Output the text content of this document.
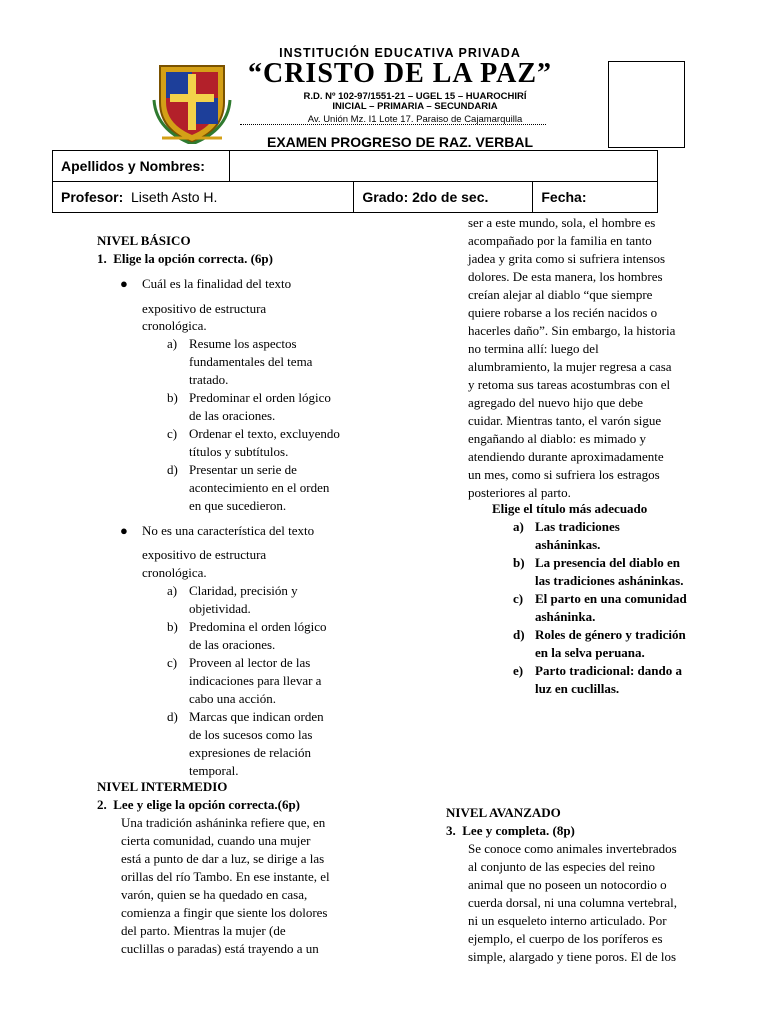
INSTITUCIÓN EDUCATIVA PRIVADA
“CRISTO DE LA PAZ”
R.D. Nº 102-97/1551-21 – UGEL 15 – HUAROCHIRÍ
INICIAL – PRIMARIA – SECUNDARIA
Av. Unión Mz. I1 Lote 17. Paraiso de Cajamarquilla
EXAMEN PROGRESO DE RAZ. VERBAL
Apellidos y Nombres:			
Profesor: Liseth Asto H.		Grado: 2do de sec.	Fecha:
NIVEL BÁSICO
1. Elige la opción correcta. (6p)
● Cuál es la finalidad del texto
expositivo de estructura
cronológica.
a) Resume los aspectos
fundamentales del tema
tratado.
b) Predominar el orden lógico
de las oraciones.
c) Ordenar el texto, excluyendo
títulos y subtítulos.
d) Presentar un serie de
acontecimiento en el orden
en que sucedieron.
● No es una característica del texto
expositivo de estructura
cronológica.
a) Claridad, precisión y
objetividad.
b) Predomina el orden lógico
de las oraciones.
c) Proveen al lector de las
indicaciones para llevar a
cabo una acción.
d) Marcas que indican orden
de los sucesos como las
expresiones de relación
temporal.
NIVEL INTERMEDIO
2. Lee y elige la opción correcta.(6p)
Una tradición asháninka refiere que, en
cierta comunidad, cuando una mujer
está a punto de dar a luz, se dirige a las
orillas del río Tambo. En ese instante, el
varón, quien se ha quedado en casa,
comienza a fingir que siente los dolores
del parto. Mientras la mujer (de
cuclillas o paradas) está trayendo a un
ser a este mundo, sola, el hombre es
acompañado por la familia en tanto
jadea y grita como si sufriera intensos
dolores. De esta manera, los hombres
creían alejar al diablo “que siempre
quiere robarse a los recién nacidos o
hacerles daño”. Sin embargo, la historia
no termina allí: luego del
alumbramiento, la mujer regresa a casa
y retoma sus tareas acostumbras con el
agregado del nuevo hijo que debe
cuidar. Mientras tanto, el varón sigue
engañando al diablo: es mimado y
atendiendo durante aproximadamente
un mes, como si sufriera los estragos
posteriores al parto.
Elige el título más adecuado
a) Las tradiciones
asháninkas.
b) La presencia del diablo en
las tradiciones asháninkas.
c) El parto en una comunidad
asháninka.
d) Roles de género y tradición
en la selva peruana.
e) Parto tradicional: dando a
luz en cuclillas.
NIVEL AVANZADO
3. Lee y completa. (8p)
Se conoce como animales invertebrados
al conjunto de las especies del reino
animal que no poseen un notocordio o
cuerda dorsal, ni una columna vertebral,
ni un esqueleto interno articulado. Por
ejemplo, el cuerpo de los poríferos es
simple, alargado y tiene poros. El de los
